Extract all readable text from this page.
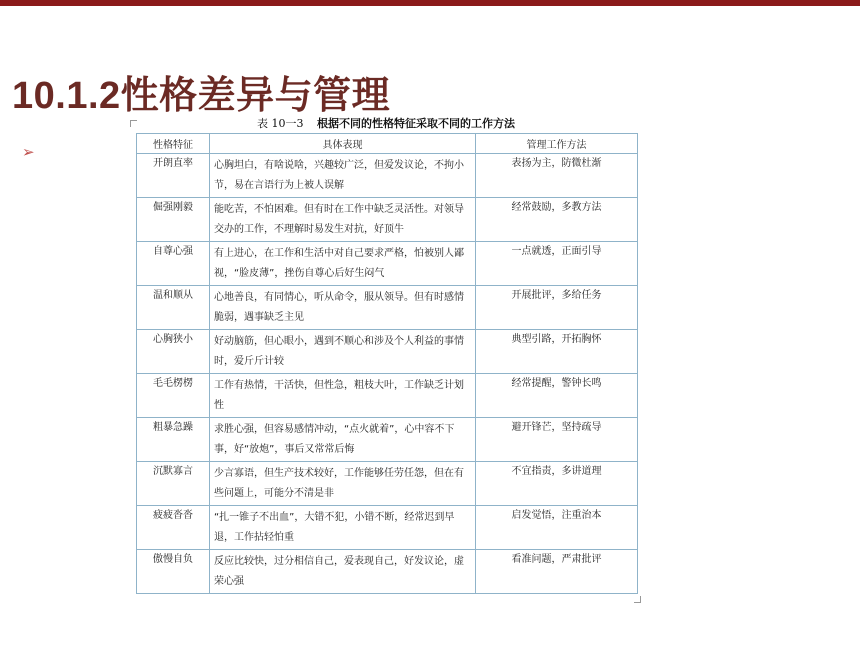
10.1.2性格差异与管理
➢
表 10一3 根据不同的性格特征采取不同的工作方法
性格特征	具体表现	管理工作方法
开朗直率	心胸坦白，有啥说啥，兴趣较广泛，但爱发议论，不拘小节，易在言语行为上被人误解	表扬为主，防微杜渐
倔强刚毅	能吃苦，不怕困难。但有时在工作中缺乏灵活性。对领导交办的工作，不理解时易发生对抗，好顶牛	经常鼓励，多教方法
自尊心强	有上进心，在工作和生活中对自己要求严格，怕被别人鄙视，“脸皮薄”，挫伤自尊心后好生闷气	一点就透，正面引导
温和顺从	心地善良，有同情心，听从命令，服从领导。但有时感情脆弱，遇事缺乏主见	开展批评，多给任务
心胸狭小	好动脑筋，但心眼小，遇到不顺心和涉及个人利益的事情时，爱斤斤计较	典型引路，开拓胸怀
毛毛楞楞	工作有热情，干活快，但性急，粗枝大叶，工作缺乏计划性	经常提醒，警钟长鸣
粗暴急躁	求胜心强，但容易感情冲动，“点火就着”，心中容不下事，好“放炮”，事后又常常后悔	避开锋芒，坚持疏导
沉默寡言	少言寡语，但生产技术较好，工作能够任劳任怨，但在有些问题上，可能分不清是非	不宜指责，多讲道理
疲疲沓沓	“扎一锥子不出血”，大错不犯，小错不断，经常迟到早退，工作拈轻怕重	启发觉悟，注重治本
傲慢自负	反应比较快，过分相信自己，爱表现自己，好发议论，虚荣心强	看准问题，严肃批评
